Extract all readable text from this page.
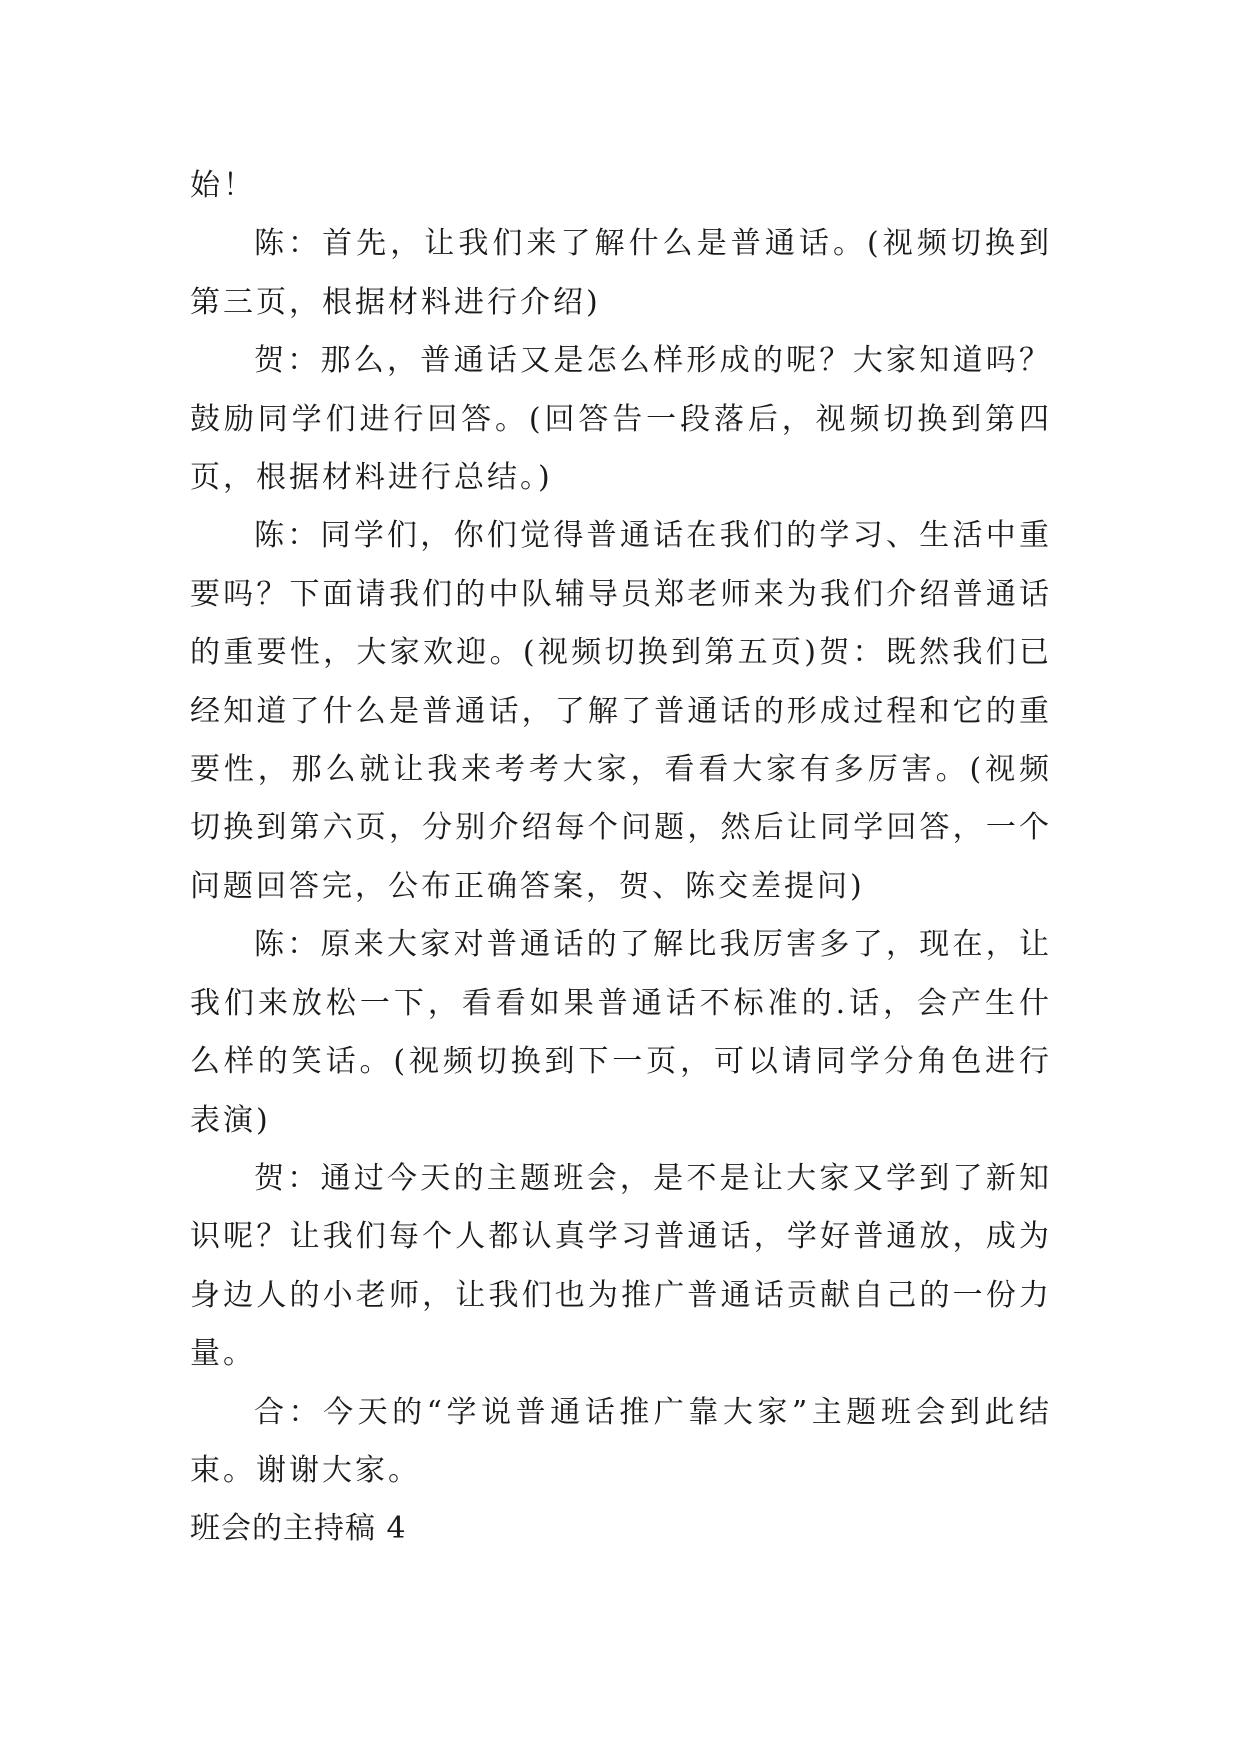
始！

陈：首先，让我们来了解什么是普通话。(视频切换到第三页，根据材料进行介绍)

贺：那么，普通话又是怎么样形成的呢？大家知道吗？鼓励同学们进行回答。(回答告一段落后，视频切换到第四页，根据材料进行总结。)

陈：同学们，你们觉得普通话在我们的学习、生活中重要吗？下面请我们的中队辅导员郑老师来为我们介绍普通话的重要性，大家欢迎。(视频切换到第五页)贺：既然我们已经知道了什么是普通话，了解了普通话的形成过程和它的重要性，那么就让我来考考大家，看看大家有多厉害。(视频切换到第六页，分别介绍每个问题，然后让同学回答，一个问题回答完，公布正确答案，贺、陈交差提问)

陈：原来大家对普通话的了解比我厉害多了，现在，让我们来放松一下，看看如果普通话不标准的.话，会产生什么样的笑话。(视频切换到下一页，可以请同学分角色进行表演)

贺：通过今天的主题班会，是不是让大家又学到了新知识呢？让我们每个人都认真学习普通话，学好普通放，成为身边人的小老师，让我们也为推广普通话贡献自己的一份力量。

合：今天的“学说普通话推广靠大家”主题班会到此结束。谢谢大家。

班会的主持稿 4
